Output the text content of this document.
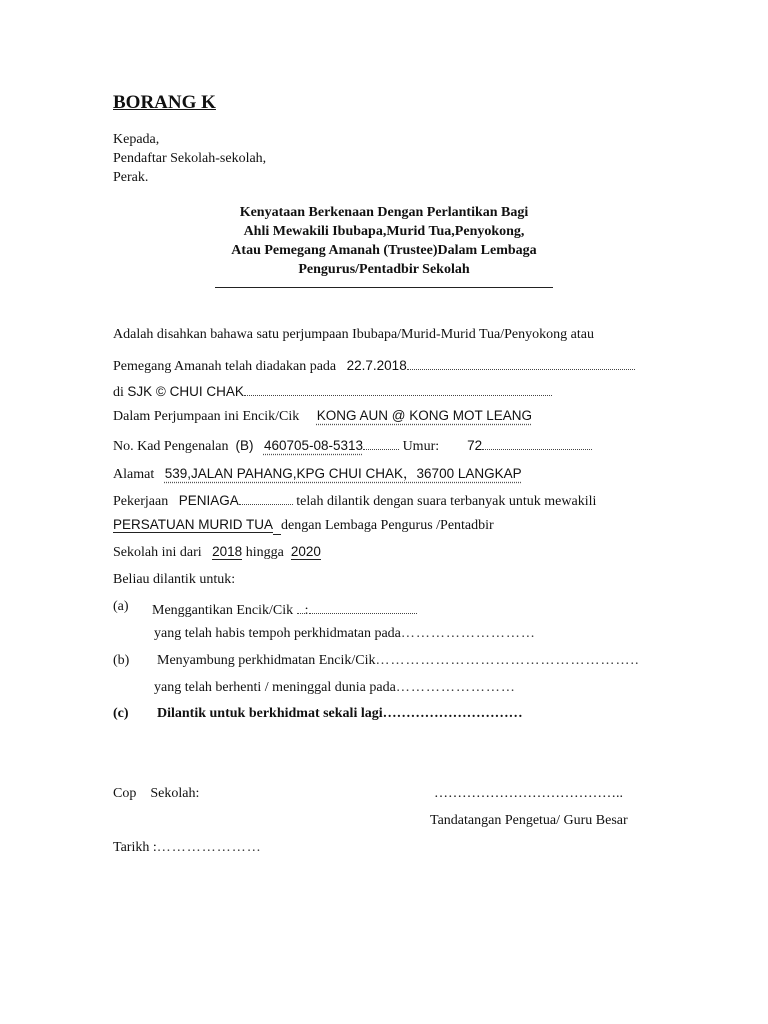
BORANG K
Kepada,
Pendaftar Sekolah-sekolah,
Perak.
Kenyataan Berkenaan Dengan Perlantikan Bagi
Ahli Mewakili Ibubapa,Murid Tua,Penyokong,
Atau Pemegang Amanah (Trustee)Dalam Lembaga
Pengurus/Pentadbir Sekolah
Adalah disahkan bahawa satu perjumpaan Ibubapa/Murid-Murid Tua/Penyokong atau
Pemegang Amanah telah diadakan pada 22.7.2018
di SJK © CHUI CHAK
Dalam Perjumpaan ini Encik/Cik KONG AUN @ KONG MOT LEANG
No. Kad Pengenalan (B) 460705-08-5313	Umur: 72
Alamat 539,JALAN PAHANG,KPG CHUI CHAK，36700 LANGKAP
Pekerjaan PENIAGA	telah dilantik dengan suara terbanyak untuk mewakili
PERSATUAN MURID TUA dengan Lembaga Pengurus /Pentadbir
Sekolah ini dari 2018 hingga 2020
Beliau dilantik untuk:
(a) Menggantikan Encik/Cik :
yang telah habis tempoh perkhidmatan pada………………………
(b) Menyambung perkhidmatan Encik/Cik……………………………………………..
yang telah berhenti / meninggal dunia pada……………………
(c) Dilantik untuk berkhidmat sekali lagi…………………………
Cop Sekolah:	…………………………………..
Tandatangan Pengetua/ Guru Besar
Tarikh :…………………
